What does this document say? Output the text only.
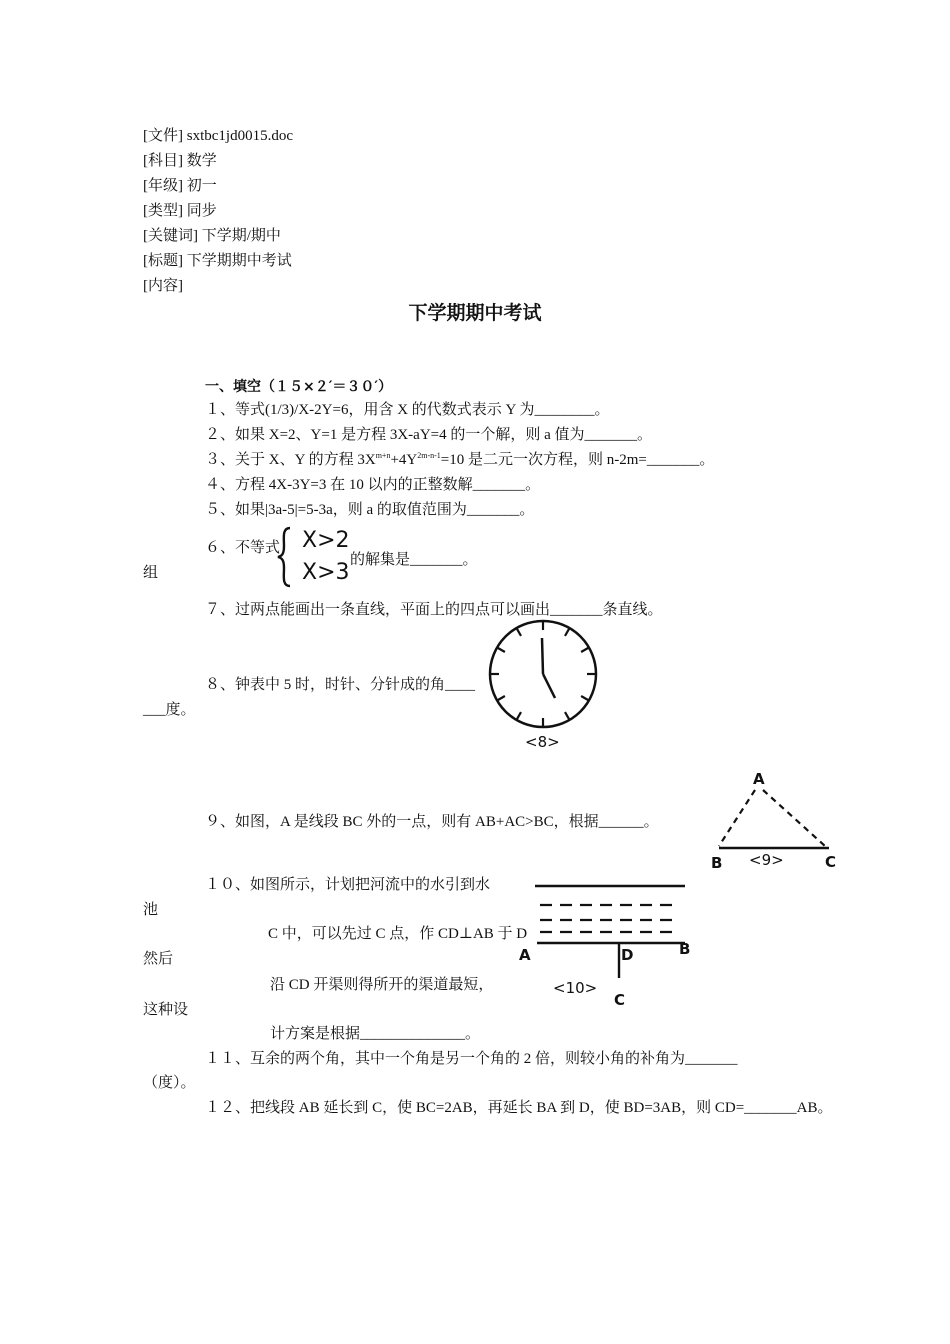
[文件] sxtbc1jd0015.doc
[科目] 数学
[年级] 初一
[类型] 同步
[关键词] 下学期/期中
[标题] 下学期期中考试
[内容]
下学期期中考试
一、填空（１５×２′＝３０′）
１、等式(1/3)/X-2Y=6，用含 X 的代数式表示 Y 为________。
２、如果 X=2、Y=1 是方程 3X-aY=4 的一个解，则 a 值为_______。
３、关于 X、Y 的方程 $3X^{m+n}+4Y^{2m-n-1}=10$ 是二元一次方程，则 n-2m=_______。
４、方程 4X-3Y=3 在 10 以内的正整数解_______。
５、如果|3a-5|=5-3a，则 a 的取值范围为_______。
６、不等式 X>2
X>3 的解集是_______。
组
７、过两点能画出一条直线，平面上的四点可以画出_______条直线。
８、钟表中 5 时，时针、分针成的角____
___度。
<8>
９、如图，A 是线段 BC 外的一点，则有 AB+AC>BC，根据______。
A
B	C
<9>
１０、如图所示，计划把河流中的水引到水
池
C 中，可以先过 C 点，作 CD⊥AB 于 D
然后
沿 CD 开渠则得所开的渠道最短，
这种设
计方案是根据______________。
A	B
D
C
<10>
１１、互余的两个角，其中一个角是另一个角的 2 倍，则较小角的补角为_______
（度）。
１２、把线段 AB 延长到 C，使 BC=2AB，再延长 BA 到 D，使 BD=3AB，则 CD=_______AB。
